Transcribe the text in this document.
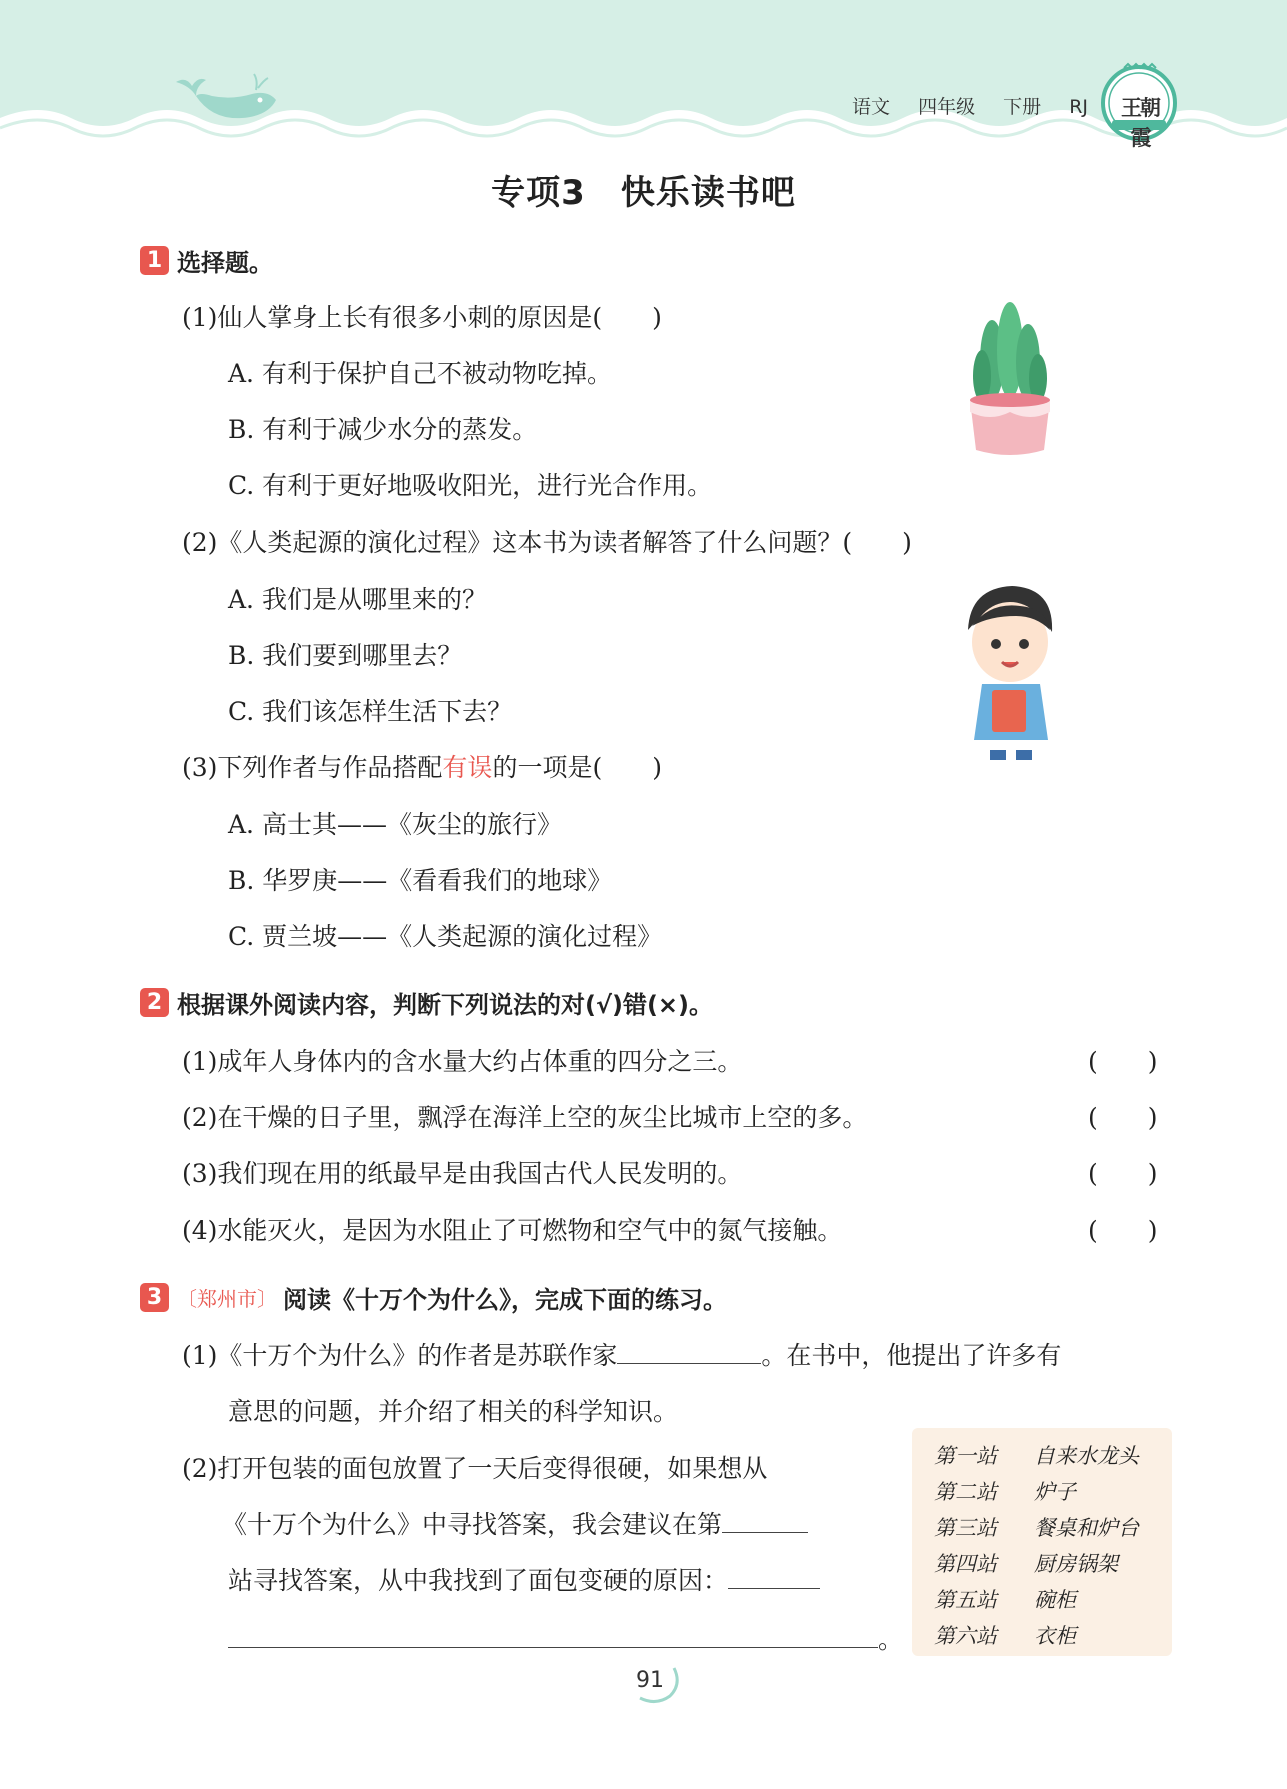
语文 四年级 下册 RJ	王朝霞
专项3　快乐读书吧
1 选择题。
(1)仙人掌身上长有很多小刺的原因是(　　)
A. 有利于保护自己不被动物吃掉。
B. 有利于减少水分的蒸发。
C. 有利于更好地吸收阳光，进行光合作用。
(2)《人类起源的演化过程》这本书为读者解答了什么问题？(　　)
A. 我们是从哪里来的？
B. 我们要到哪里去？
C. 我们该怎样生活下去？
(3)下列作者与作品搭配有误的一项是(　　)
A. 高士其——《灰尘的旅行》
B. 华罗庚——《看看我们的地球》
C. 贾兰坡——《人类起源的演化过程》
2 根据课外阅读内容，判断下列说法的对(√)错(×)。
(1)成年人身体内的含水量大约占体重的四分之三。	(　　)
(2)在干燥的日子里，飘浮在海洋上空的灰尘比城市上空的多。	(　　)
(3)我们现在用的纸最早是由我国古代人民发明的。	(　　)
(4)水能灭火，是因为水阻止了可燃物和空气中的氮气接触。	(　　)
3 〔郑州市〕 阅读《十万个为什么》，完成下面的练习。
(1)《十万个为什么》的作者是苏联作家	。在书中，他提出了许多有
意思的问题，并介绍了相关的科学知识。
(2)打开包装的面包放置了一天后变得很硬，如果想从
《十万个为什么》中寻找答案，我会建议在第
站寻找答案，从中我找到了面包变硬的原因：
。
第一站 自来水龙头
第二站 炉子
第三站 餐桌和炉台
第四站 厨房锅架
第五站 碗柜
第六站 衣柜
91
